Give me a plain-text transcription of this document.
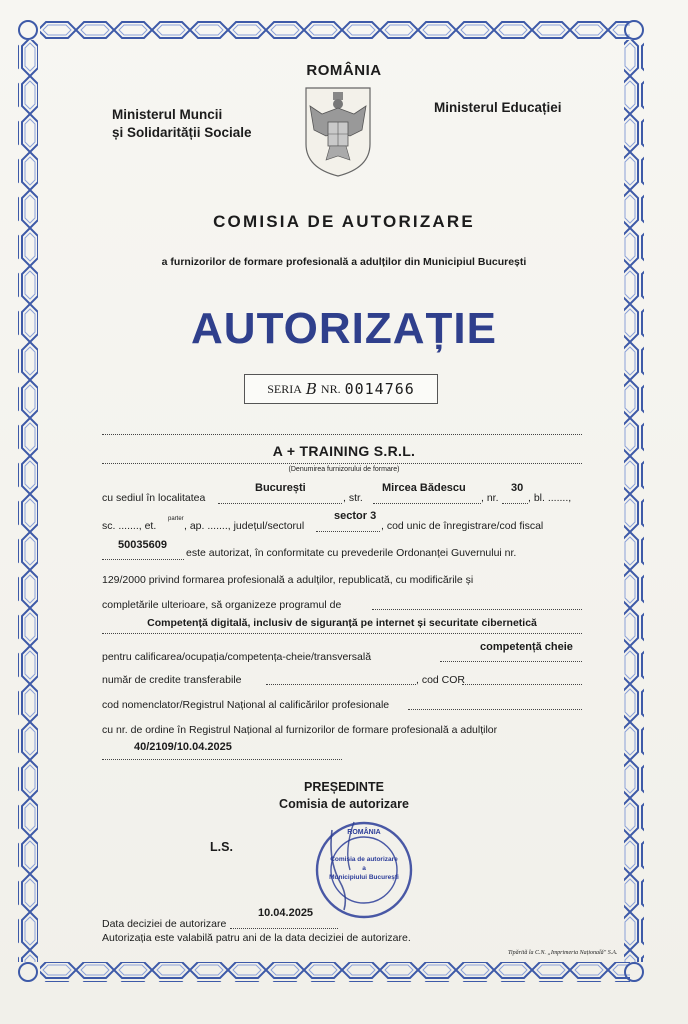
ROMÂNIA
Ministerul Muncii
și Solidarității Sociale
Ministerul Educației
COMISIA DE AUTORIZARE
a furnizorilor de formare profesională a adulților din Municipiul București
AUTORIZAȚIE
SERIA B NR. 0014766
A + TRAINING S.R.L.
(Denumirea furnizorului de formare)
cu sediul în localitatea
București
, str.
Mircea Bădescu
, nr.
30
, bl. .......,
sc. ......., et.
parter
, ap. ......., județul/sectorul
sector 3
, cod unic de înregistrare/cod fiscal
50035609
este autorizat, în conformitate cu prevederile Ordonanței Guvernului nr.
129/2000 privind formarea profesională a adulților, republicată, cu modificările și
completările ulterioare, să organizeze programul de
Competență digitală, inclusiv de siguranță pe internet și securitate cibernetică
pentru calificarea/ocupația/competența-cheie/transversală
competență cheie
număr de credite transferabile	, cod COR
cod nomenclator/Registrul Național al calificărilor profesionale
cu nr. de ordine în Registrul Național al furnizorilor de formare profesională a adulților
40/2109/10.04.2025
PREȘEDINTE
Comisia de autorizare
L.S.
ROMÂNIA
Comisia de autorizare
a
Municipiului București
Data deciziei de autorizare
10.04.2025
Autorizația este valabilă patru ani de la data deciziei de autorizare.
Tipărită la C.N. „Imprimeria Națională" S.A.
